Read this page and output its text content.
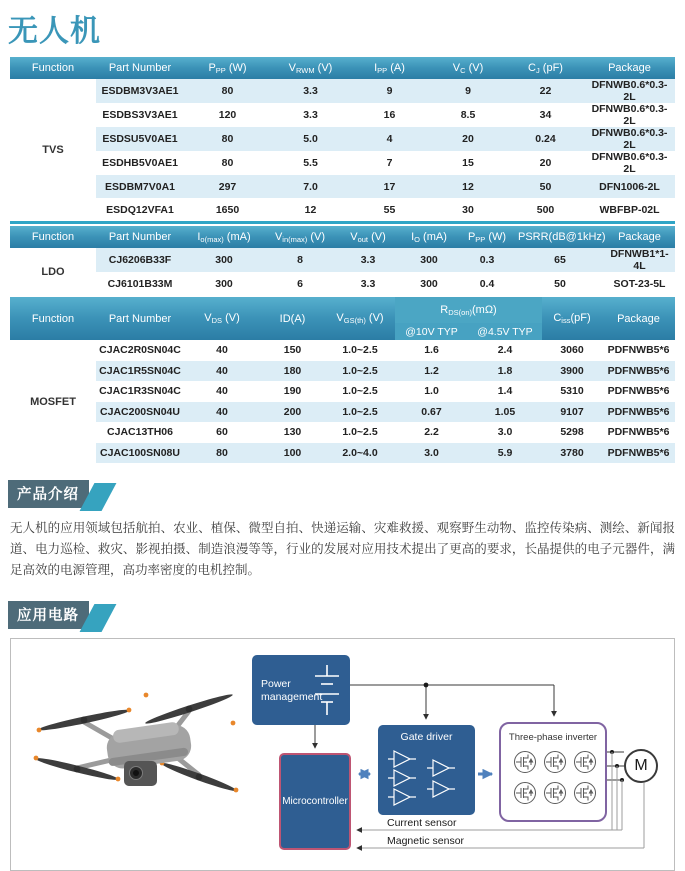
无人机
Function	Part Number	$P_{PP}$ (W)	$V_{RWM}$ (V)	$I_{PP}$ (A)	$V_C$ (V)	$C_J$ (pF)	Package
TVS	ESDBM3V3AE1	80	3.3	9	9	22	DFNWB0.6*0.3-2L
	ESDBS3V3AE1	120	3.3	16	8.5	34	DFNWB0.6*0.3-2L
	ESDSU5V0AE1	80	5.0	4	20	0.24	DFNWB0.6*0.3-2L
	ESDHB5V0AE1	80	5.5	7	15	20	DFNWB0.6*0.3-2L
	ESDBM7V0A1	297	7.0	17	12	50	DFN1006-2L
	ESDQ12VFA1	1650	12	55	30	500	WBFBP-02L
Function	Part Number	$I_{o(max)}$ (mA)	$V_{in(max)}$ (V)	$V_{out}$ (V)	$I_O$ (mA)	$P_{PP}$ (W)	PSRR(dB@1kHz)	Package
LDO	CJ6206B33F	300	8	3.3	300	0.3	65	DFNWB1*1-4L
	CJ6101B33M	300	6	3.3	300	0.4	50	SOT-23-5L
Function	Part Number	$V_{DS}$ (V)	ID(A)	$V_{GS(th)}$ (V)	$R_{DS(on)}(m\Omega)$		$C_{iss}(pF)$	Package
					@10V TYP	@4.5V TYP		
MOSFET	CJAC2R0SN04C	40	150	1.0~2.5	1.6	2.4	3060	PDFNWB5*6
	CJAC1R5SN04C	40	180	1.0~2.5	1.2	1.8	3900	PDFNWB5*6
	CJAC1R3SN04C	40	190	1.0~2.5	1.0	1.4	5310	PDFNWB5*6
	CJAC200SN04U	40	200	1.0~2.5	0.67	1.05	9107	PDFNWB5*6
	CJAC13TH06	60	130	1.0~2.5	2.2	3.0	5298	PDFNWB5*6
	CJAC100SN08U	80	100	2.0~4.0	3.0	5.9	3780	PDFNWB5*6
产品介绍

无人机的应用领域包括航拍、农业、植保、微型自拍、快递运输、灾难救援、观察野生动物、监控传染病、测绘、新闻报道、电力巡检、救灾、影视拍摄、制造浪漫等等，行业的发展对应用技术提出了更高的要求，长晶提供的电子元器件，满足高效的电源管理，高功率密度的电机控制。

应用电路
Power management
Gate driver
Microcontroller
Three-phase inverter
M
Current sensor
Magnetic sensor
